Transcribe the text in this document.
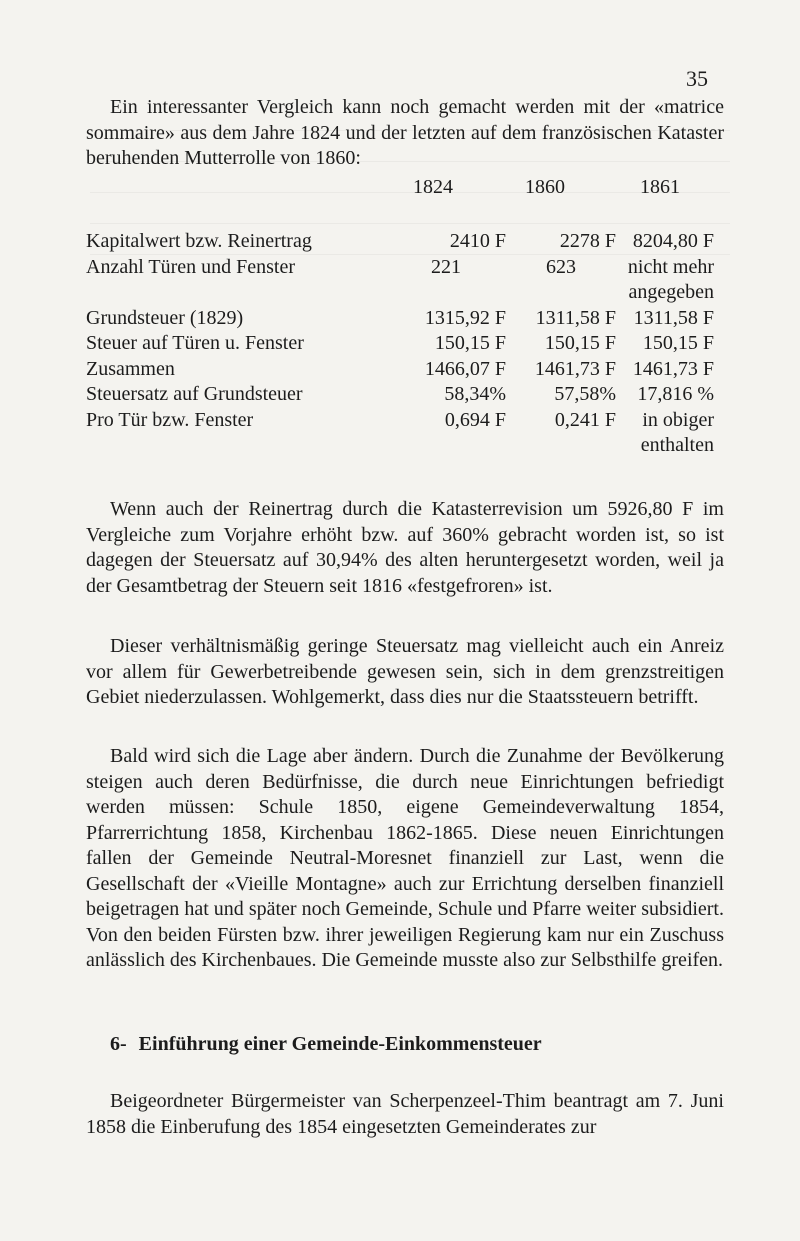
35
Ein interessanter Vergleich kann noch gemacht werden mit der «matrice sommaire» aus dem Jahre 1824 und der letzten auf dem französischen Kataster beruhenden Mutterrolle von 1860:
1824	1860	1861
Kapitalwert bzw. Reinertrag	2410 F	2278 F	8204,80 F
Anzahl Türen und Fenster	221	623	nicht mehr
			angegeben
Grundsteuer (1829)	1315,92 F	1311,58 F	1311,58 F
Steuer auf Türen u. Fenster	150,15 F	150,15 F	150,15 F
Zusammen	1466,07 F	1461,73 F	1461,73 F
Steuersatz auf Grundsteuer	58,34%	57,58%	17,816 %
Pro Tür bzw. Fenster	0,694 F	0,241 F	in obiger
			enthalten
Wenn auch der Reinertrag durch die Katasterrevision um 5926,80 F im Vergleiche zum Vorjahre erhöht bzw. auf 360% gebracht worden ist, so ist dagegen der Steuersatz auf 30,94% des alten heruntergesetzt worden, weil ja der Gesamtbetrag der Steuern seit 1816 «festgefroren» ist.
Dieser verhältnismäßig geringe Steuersatz mag vielleicht auch ein Anreiz vor allem für Gewerbetreibende gewesen sein, sich in dem grenzstreitigen Gebiet niederzulassen. Wohlgemerkt, dass dies nur die Staatssteuern betrifft.
Bald wird sich die Lage aber ändern. Durch die Zunahme der Bevölkerung steigen auch deren Bedürfnisse, die durch neue Einrichtungen befriedigt werden müssen: Schule 1850, eigene Gemeindeverwaltung 1854, Pfarrerrichtung 1858, Kirchenbau 1862-1865. Diese neuen Einrichtungen fallen der Gemeinde Neutral-Moresnet finanziell zur Last, wenn die Gesellschaft der «Vieille Montagne» auch zur Errichtung derselben finanziell beigetragen hat und später noch Gemeinde, Schule und Pfarre weiter subsidiert. Von den beiden Fürsten bzw. ihrer jeweiligen Regierung kam nur ein Zuschuss anlässlich des Kirchenbaues. Die Gemeinde musste also zur Selbsthilfe greifen.
6- Einführung einer Gemeinde-Einkommensteuer
Beigeordneter Bürgermeister van Scherpenzeel-Thim beantragt am 7. Juni 1858 die Einberufung des 1854 eingesetzten Gemeinderates zur
